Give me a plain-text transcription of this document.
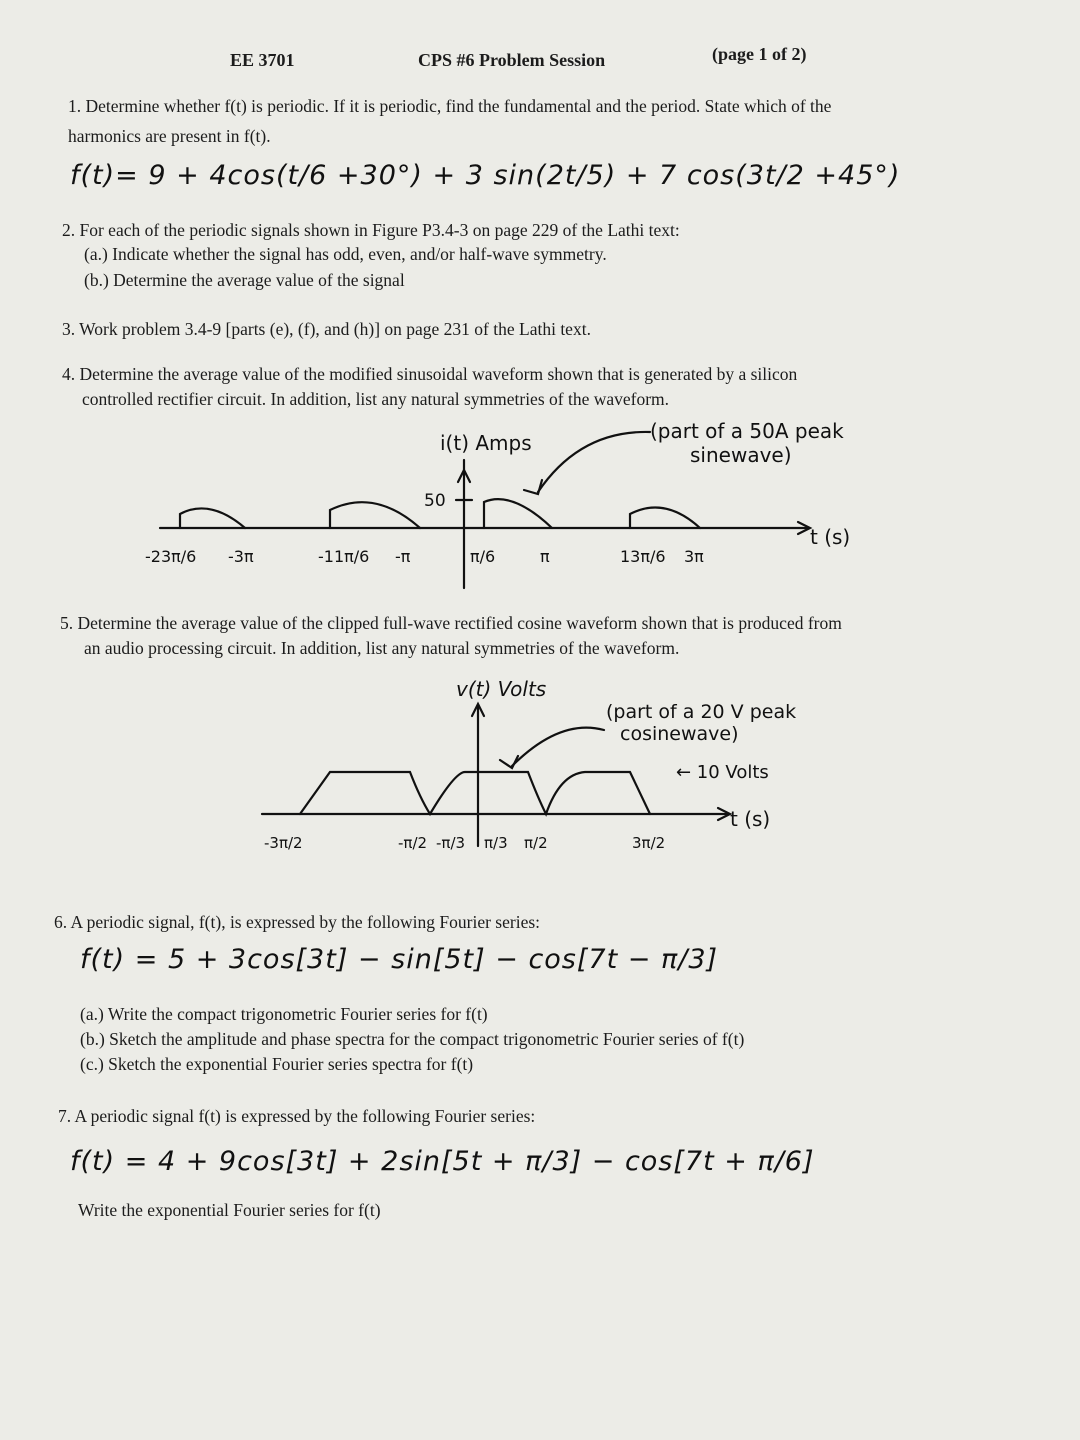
EE 3701	CPS #6 Problem Session	(page 1 of 2)
1. Determine whether f(t) is periodic. If it is periodic, find the fundamental and the period. State which of the
harmonics are present in f(t).
f(t)= 9 + 4cos(t/6 +30°) + 3 sin(2t/5) + 7 cos(3t/2 +45°)
2. For each of the periodic signals shown in Figure P3.4-3 on page 229 of the Lathi text:
(a.) Indicate whether the signal has odd, even, and/or half-wave symmetry.
(b.) Determine the average value of the signal
3. Work problem 3.4-9 [parts (e), (f), and (h)] on page 231 of the Lathi text.
4. Determine the average value of the modified sinusoidal waveform shown that is generated by a silicon
controlled rectifier circuit. In addition, list any natural symmetries of the waveform.
i(t) Amps	(part of a 50A peak
sinewave)
50
t (s)
-23π/6 -3π	-11π/6 -π	π/6	π	13π/6 3π
5. Determine the average value of the clipped full-wave rectified cosine waveform shown that is produced from
an audio processing circuit. In addition, list any natural symmetries of the waveform.
v(t) Volts
(part of a 20 V peak
cosinewave)
← 10 Volts
t (s)
-3π/2	-π/2 -π/3 π/3 π/2	3π/2
6. A periodic signal, f(t), is expressed by the following Fourier series:
f(t) = 5 + 3cos[3t] − sin[5t] − cos[7t − π/3]
(a.) Write the compact trigonometric Fourier series for f(t)
(b.) Sketch the amplitude and phase spectra for the compact trigonometric Fourier series of f(t)
(c.) Sketch the exponential Fourier series spectra for f(t)
7. A periodic signal f(t) is expressed by the following Fourier series:
f(t) = 4 + 9cos[3t] + 2sin[5t + π/3] − cos[7t + π/6]
Write the exponential Fourier series for f(t)
